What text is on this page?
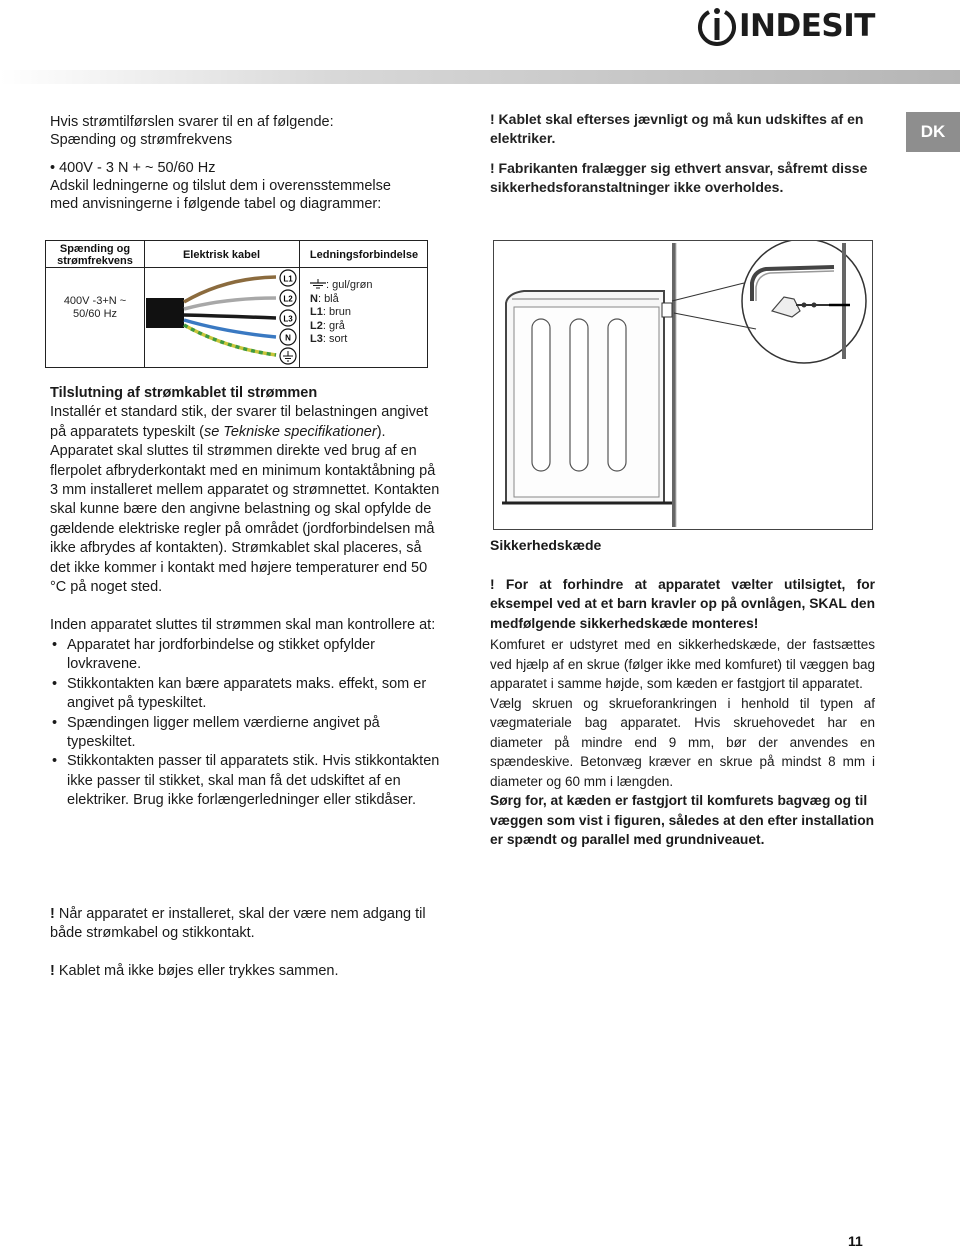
INDESIT
DK

Hvis strømtilførslen svarer til en af følgende:

Spænding og strømfrekvens

• 400V - 3 N + ~ 50/60 Hz

Adskil ledningerne og tilslut dem i overensstemmelse

med anvisningerne i følgende tabel og diagrammer:

! Kablet skal efterses jævnligt og må kun udskiftes af en elektriker.

! Fabrikanten fralægger sig ethvert ansvar, såfremt disse sikkerhedsforanstaltninger ikke overholdes.

Spænding og
strømfrekvens	Elektrisk kabel	Ledningsforbindelse
400V -3+N ~
50/60 Hz
L1
L2
L3
N
: gul/grøn
N: blå
L1: brun
L2: grå
L3: sort

Tilslutning af strømkablet til strømmen

Installér et standard stik, der svarer til belastningen angivet på apparatets typeskilt (se Tekniske specifikationer).

Apparatet skal sluttes til strømmen direkte ved brug af en flerpolet afbryderkontakt med en minimum kontaktåbning på 3 mm installeret mellem apparatet og strømnettet. Kontakten skal kunne bære den angivne belastning og skal opfylde de gældende elektriske regler på området (jordforbindelsen må ikke afbrydes af kontakten). Strømkablet skal placeres, så det ikke kommer i kontakt med højere temperaturer end 50 °C på noget sted.

Inden apparatet sluttes til strømmen skal man kontrollere at:

• Apparatet har jordforbindelse og stikket opfylder lovkravene.
• Stikkontakten kan bære apparatets maks. effekt, som er angivet på typeskiltet.
• Spændingen ligger mellem værdierne angivet på typeskiltet.
• Stikkontakten passer til apparatets stik. Hvis stikkontakten ikke passer til stikket, skal man få det udskiftet af en elektriker. Brug ikke forlængerledninger eller stikdåser.

! Når apparatet er installeret, skal der være nem adgang til både strømkabel og stikkontakt.

! Kablet må ikke bøjes eller trykkes sammen.

Sikkerhedskæde

! For at forhindre at apparatet vælter utilsigtet, for eksempel ved at et barn kravler op på ovnlågen, SKAL den medfølgende sikkerhedskæde monteres!

Komfuret er udstyret med en sikkerhedskæde, der fastsættes ved hjælp af en skrue (følger ikke med komfuret) til væggen bag apparatet i samme højde, som kæden er fastgjort til apparatet.

Vælg skruen og skrueforankringen i henhold til typen af vægmateriale bag apparatet. Hvis skruehovedet har en diameter på mindre end 9 mm, bør der anvendes en spændeskive. Betonvæg kræver en skrue på mindst 8 mm i diameter og 60 mm i længden.

Sørg for, at kæden er fastgjort til komfurets bagvæg og til væggen som vist i figuren, således at den efter installation er spændt og parallel med grundniveauet.

11
